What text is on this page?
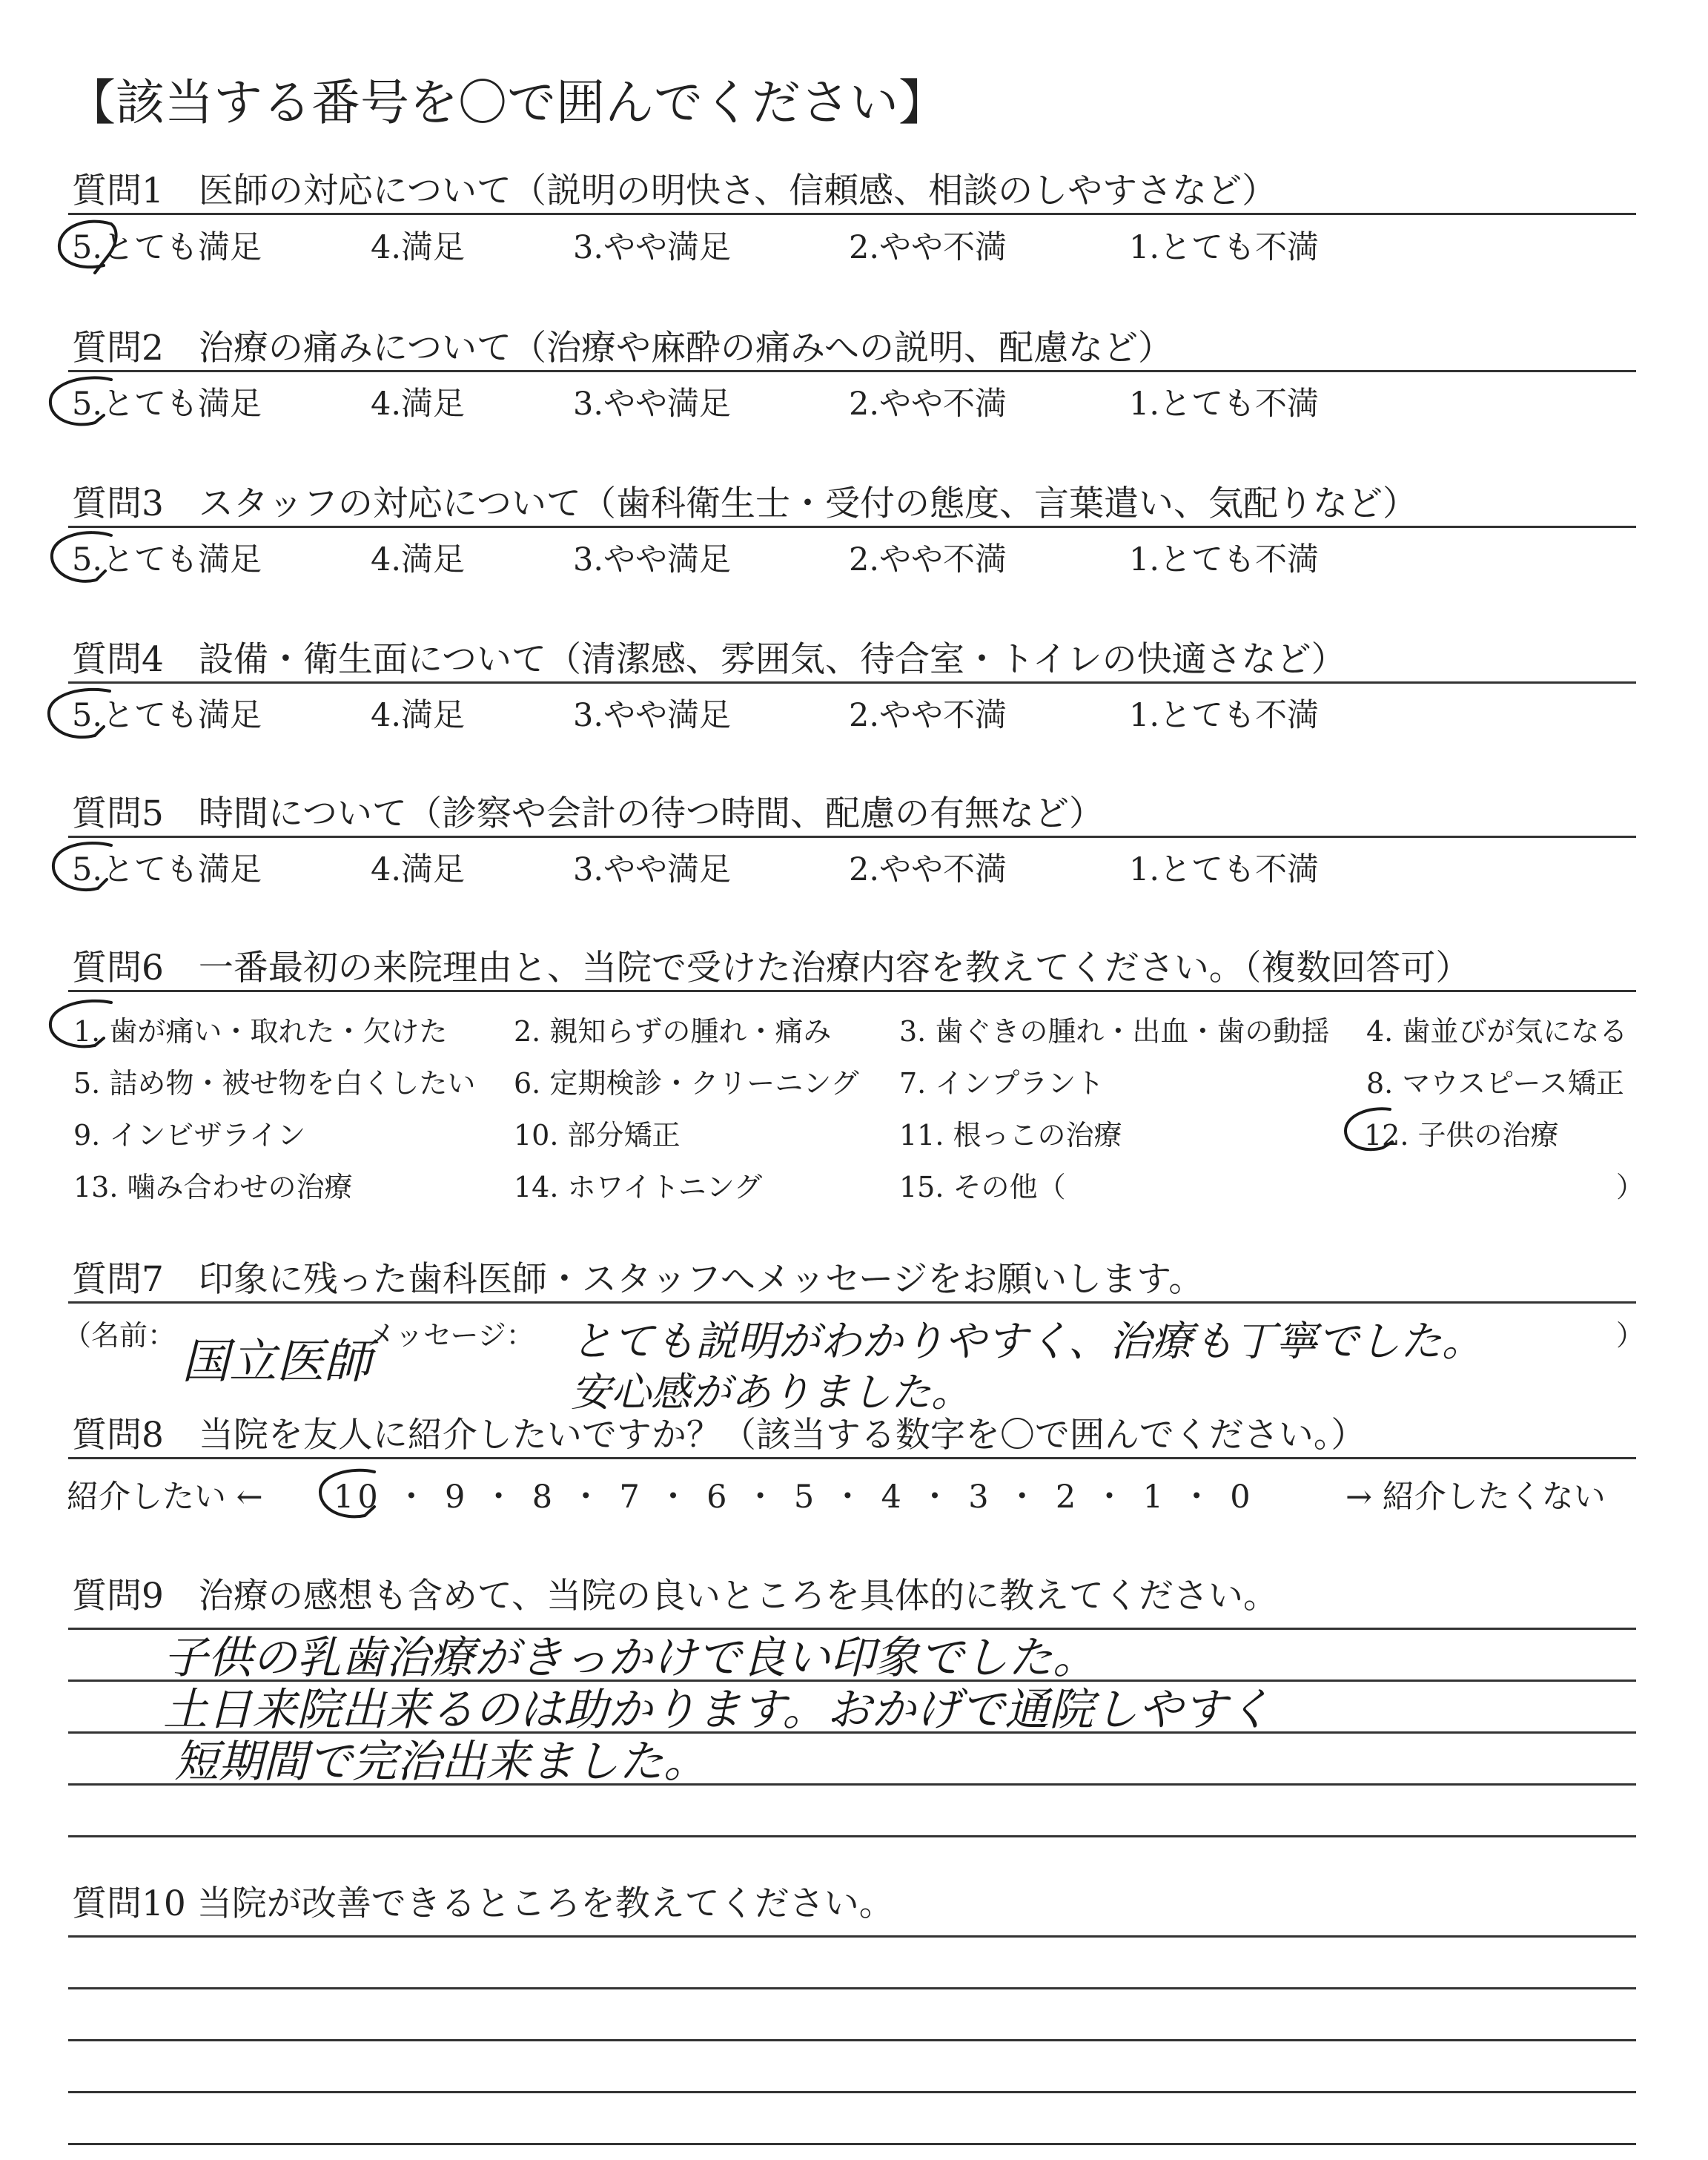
【該当する番号を〇で囲んでください】
質問1　医師の対応について（説明の明快さ、信頼感、相談のしやすさなど）
5.とても満足	4.満足	3.やや満足	2.やや不満	1.とても不満
質問2　治療の痛みについて（治療や麻酔の痛みへの説明、配慮など）
5.とても満足	4.満足	3.やや満足	2.やや不満	1.とても不満
質問3　スタッフの対応について（歯科衛生士・受付の態度、言葉遣い、気配りなど）
5.とても満足	4.満足	3.やや満足	2.やや不満	1.とても不満
質問4　設備・衛生面について（清潔感、雰囲気、待合室・トイレの快適さなど）
5.とても満足	4.満足	3.やや満足	2.やや不満	1.とても不満
質問5　時間について（診察や会計の待つ時間、配慮の有無など）
5.とても満足	4.満足	3.やや満足	2.やや不満	1.とても不満
質問6　一番最初の来院理由と、当院で受けた治療内容を教えてください。（複数回答可）
1. 歯が痛い・取れた・欠けた 2. 親知らずの腫れ・痛み 3. 歯ぐきの腫れ・出血・歯の動揺 4. 歯並びが気になる
5. 詰め物・被せ物を白くしたい 6. 定期検診・クリーニング 7. インプラント	8. マウスピース矯正
9. インビザライン	10. 部分矯正	11. 根っこの治療	12. 子供の治療
13. 噛み合わせの治療	14. ホワイトニング	15. その他（	）
質問7　印象に残った歯科医師・スタッフへメッセージをお願いします。
（名前： 国立医師
メッセージ： とても説明がわかりやすく、治療も丁寧でした。
安心感がありました。
）
質問8　当院を友人に紹介したいですか？（該当する数字を〇で囲んでください。）
紹介したい ← 10 ・ 9 ・ 8 ・ 7 ・ 6 ・ 5 ・ 4 ・ 3 ・ 2 ・ 1 ・ 0	→ 紹介したくない
質問9　治療の感想も含めて、当院の良いところを具体的に教えてください。
子供の乳歯治療がきっかけで良い印象でした。
土日来院出来るのは助かります。おかげで通院しやすく
短期間で完治出来ました。
質問10 当院が改善できるところを教えてください。
